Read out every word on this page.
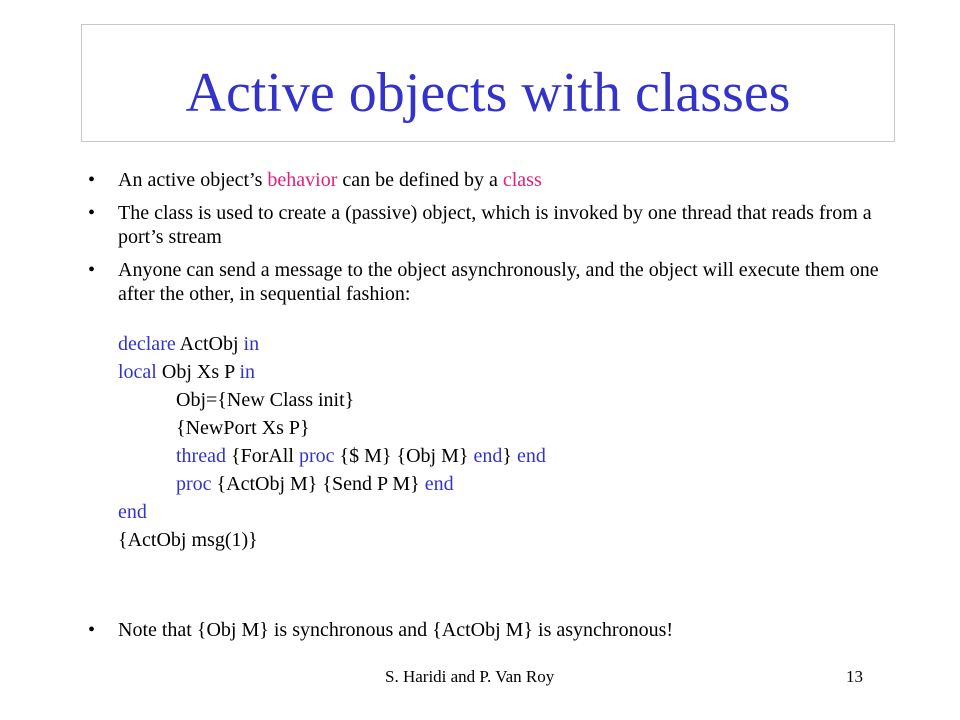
Active objects with classes
• An active object’s behavior can be defined by a class
• The class is used to create a (passive) object, which is invoked by one thread that reads from a port’s stream
• Anyone can send a message to the object asynchronously, and the object will execute them one after the other, in sequential fashion:
declare ActObj in
local Obj Xs P in
Obj={New Class init}
{NewPort Xs P}
thread {ForAll proc {$ M} {Obj M} end} end
proc {ActObj M} {Send P M} end
end
{ActObj msg(1)}
• Note that {Obj M} is synchronous and {ActObj M} is asynchronous!
S. Haridi and P. Van Roy	13
